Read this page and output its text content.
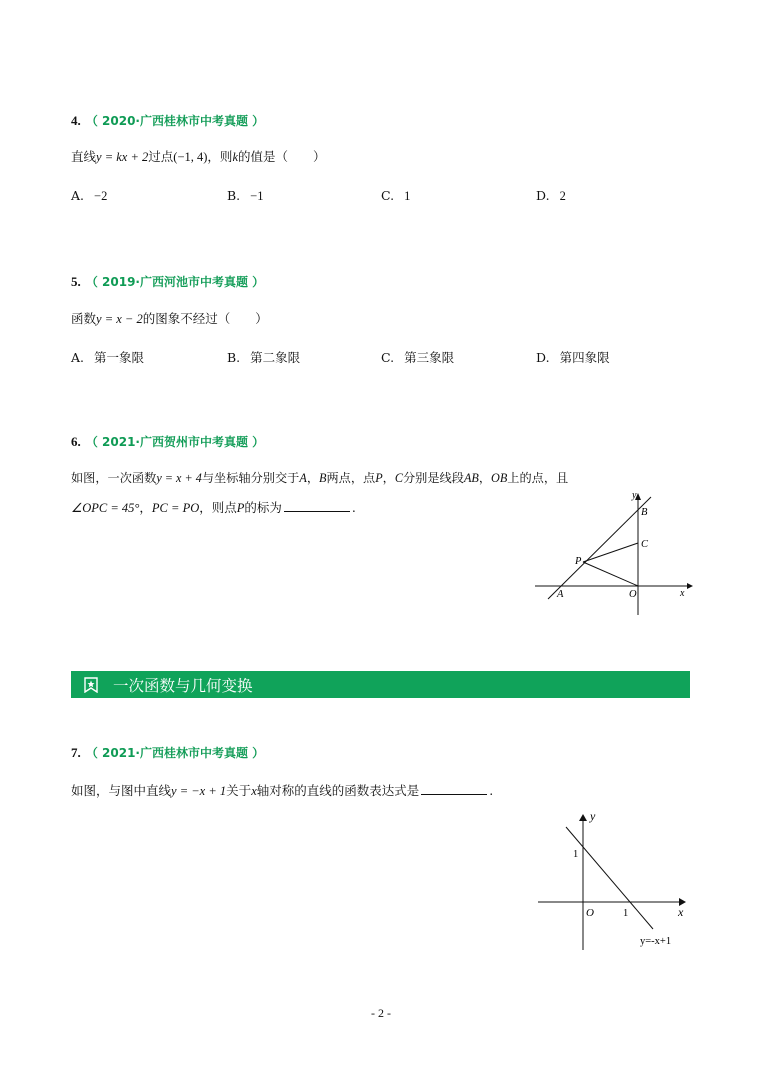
4. （ 2020·广西桂林市中考真题 ）
直线y = kx + 2过点(−1, 4)，则k的值是（　　）
A. −2	B. −1	C. 1	D. 2
5. （ 2019·广西河池市中考真题 ）
函数y = x − 2的图象不经过（　　）
A. 第一象限	B. 第二象限	C. 第三象限	D. 第四象限
6. （ 2021·广西贺州市中考真题 ）
如图，一次函数y = x + 4与坐标轴分别交于A，B两点，点P，C分别是线段AB，OB上的点，且
∠OPC = 45°，PC = PO，则点P的标为	.
y
B
C
P
A	O	x
一次函数与几何变换
7. （ 2021·广西桂林市中考真题 ）
如图，与图中直线y = −x + 1关于x轴对称的直线的函数表达式是	.
y
1
O	1	x
y=-x+1
- 2 -
